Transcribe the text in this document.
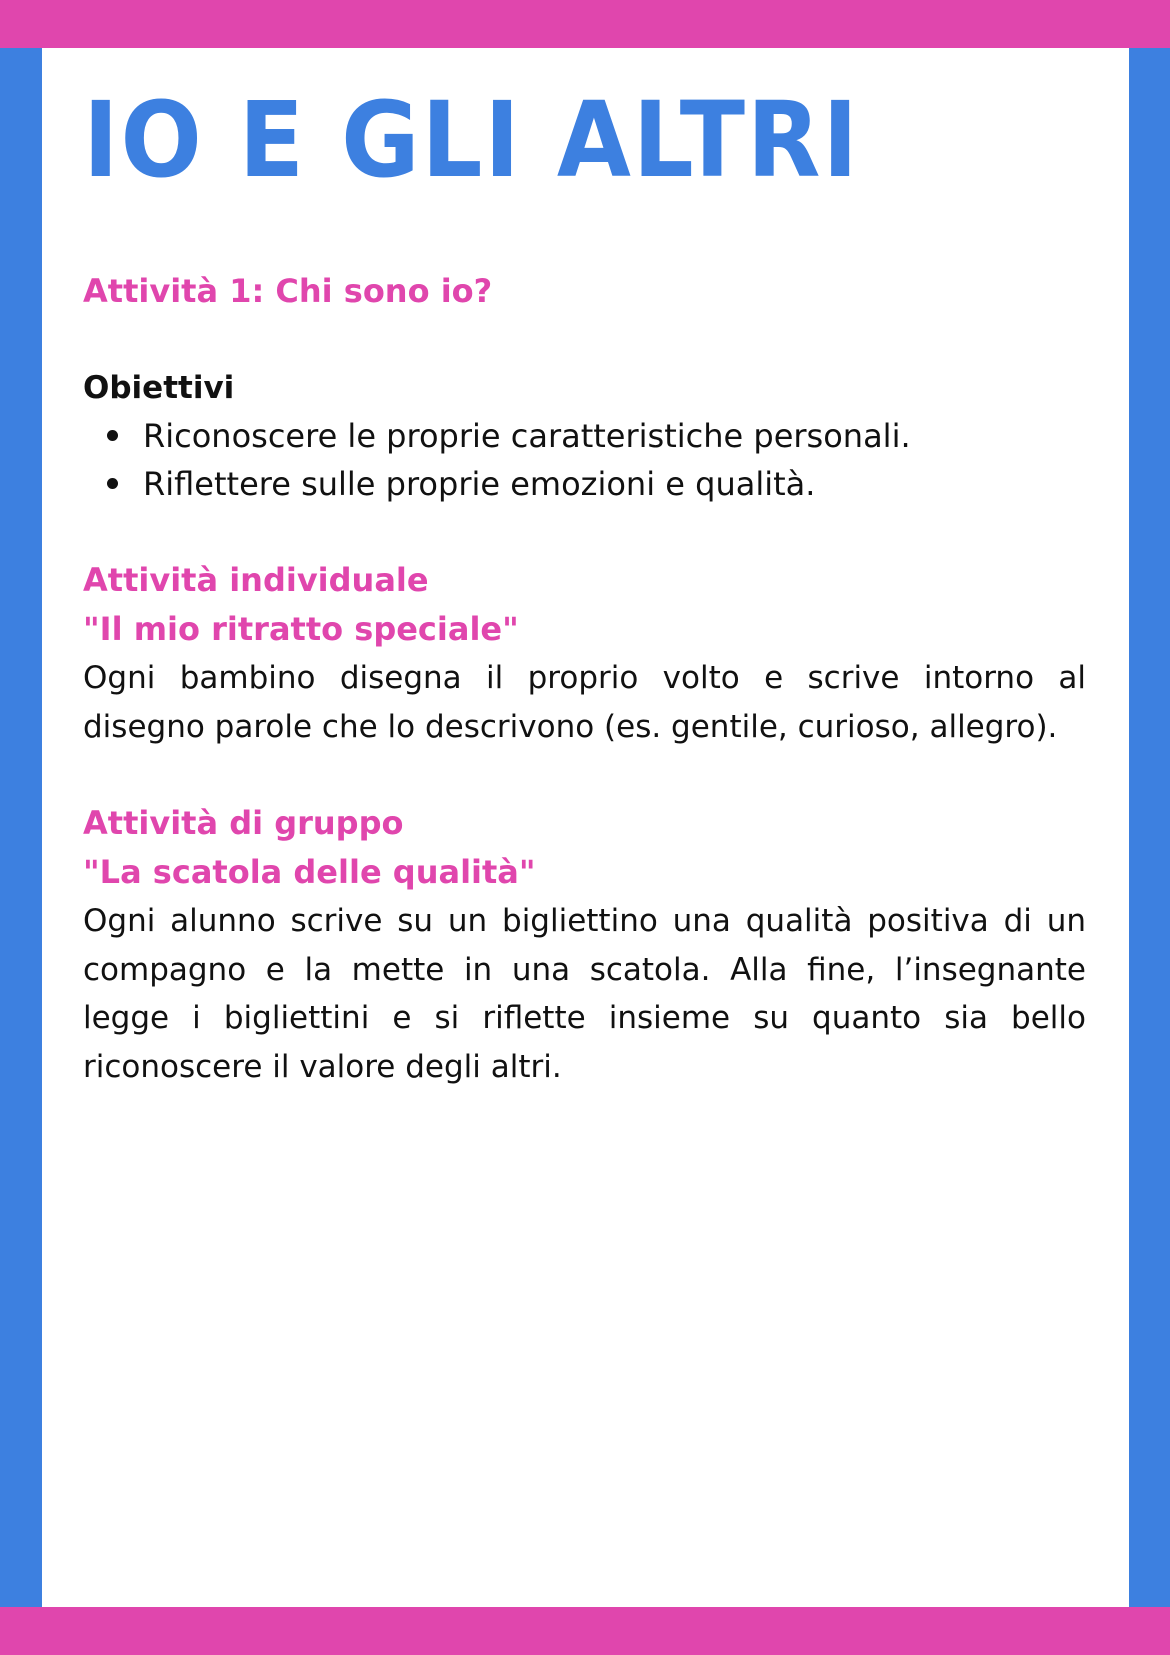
IO E GLI ALTRI
Attività 1: Chi sono io?
Obiettivi
Riconoscere le proprie caratteristiche personali.
Riflettere sulle proprie emozioni e qualità.
Attività individuale
"Il mio ritratto speciale"

Ogni bambino disegna il proprio volto e scrive intorno al disegno parole che lo descrivono (es. gentile, curioso, allegro).

Attività di gruppo
"La scatola delle qualità"

Ogni alunno scrive su un bigliettino una qualità positiva di un compagno e la mette in una scatola. Alla fine, l’insegnante legge i bigliettini e si riflette insieme su quanto sia bello riconoscere il valore degli altri.
